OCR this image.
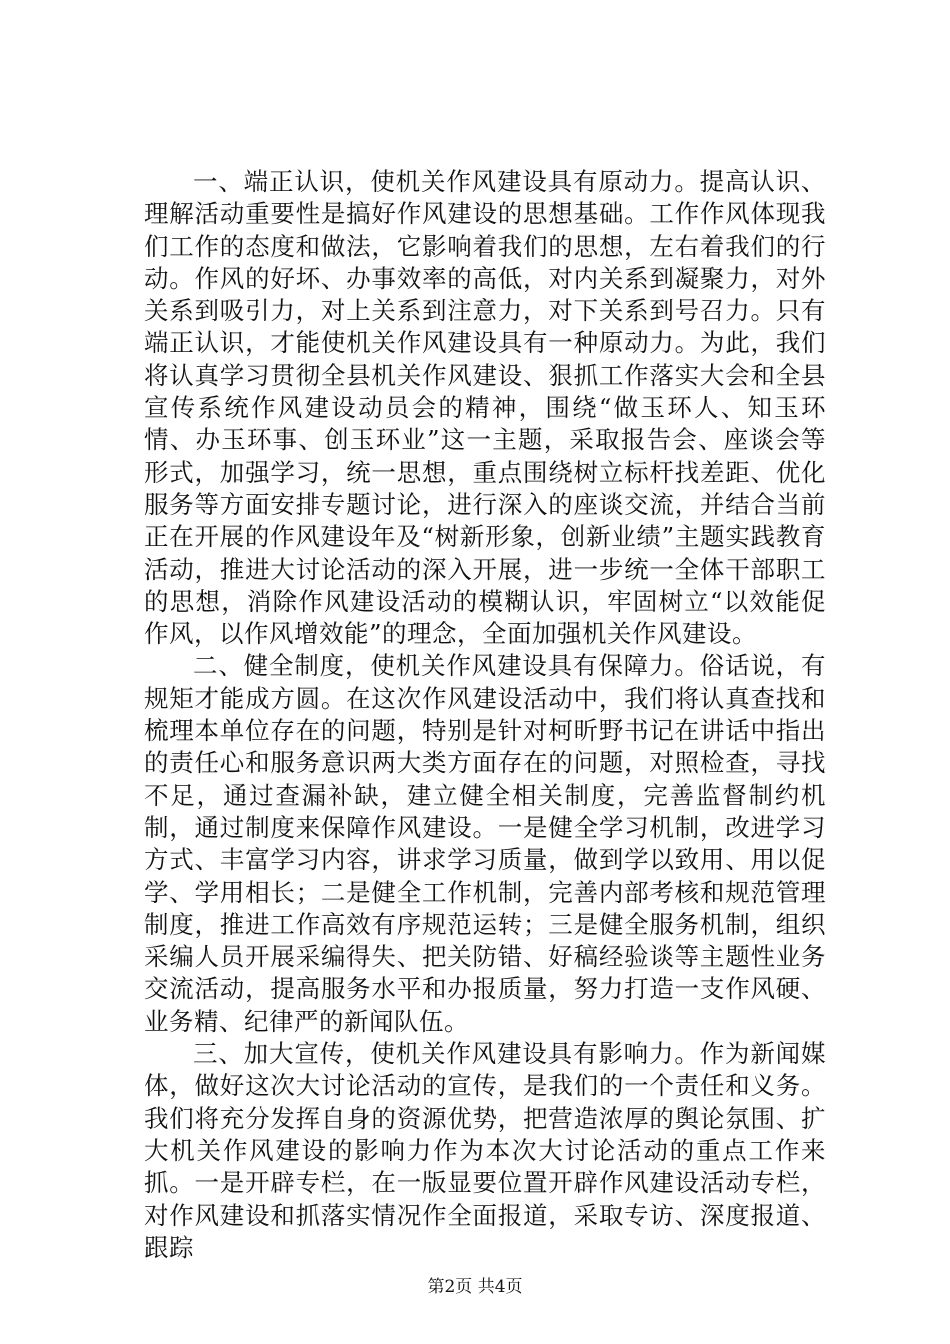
一、端正认识，使机关作风建设具有原动力。提高认识、理解活动重要性是搞好作风建设的思想基础。工作作风体现我们工作的态度和做法，它影响着我们的思想，左右着我们的行动。作风的好坏、办事效率的高低，对内关系到凝聚力，对外关系到吸引力，对上关系到注意力，对下关系到号召力。只有端正认识，才能使机关作风建设具有一种原动力。为此，我们将认真学习贯彻全县机关作风建设、狠抓工作落实大会和全县宣传系统作风建设动员会的精神，围绕“做玉环人、知玉环情、办玉环事、创玉环业”这一主题，采取报告会、座谈会等形式，加强学习，统一思想，重点围绕树立标杆找差距、优化服务等方面安排专题讨论，进行深入的座谈交流，并结合当前正在开展的作风建设年及“树新形象，创新业绩”主题实践教育活动，推进大讨论活动的深入开展，进一步统一全体干部职工的思想，消除作风建设活动的模糊认识，牢固树立“以效能促作风，以作风增效能”的理念，全面加强机关作风建设。

二、健全制度，使机关作风建设具有保障力。俗话说，有规矩才能成方圆。在这次作风建设活动中，我们将认真查找和梳理本单位存在的问题，特别是针对柯昕野书记在讲话中指出的责任心和服务意识两大类方面存在的问题，对照检查，寻找不足，通过查漏补缺，建立健全相关制度，完善监督制约机制，通过制度来保障作风建设。一是健全学习机制，改进学习方式、丰富学习内容，讲求学习质量，做到学以致用、用以促学、学用相长；二是健全工作机制，完善内部考核和规范管理制度，推进工作高效有序规范运转；三是健全服务机制，组织采编人员开展采编得失、把关防错、好稿经验谈等主题性业务交流活动，提高服务水平和办报质量，努力打造一支作风硬、业务精、纪律严的新闻队伍。

三、加大宣传，使机关作风建设具有影响力。作为新闻媒体，做好这次大讨论活动的宣传，是我们的一个责任和义务。我们将充分发挥自身的资源优势，把营造浓厚的舆论氛围、扩大机关作风建设的影响力作为本次大讨论活动的重点工作来抓。一是开辟专栏，在一版显要位置开辟作风建设活动专栏，对作风建设和抓落实情况作全面报道，采取专访、深度报道、跟踪

第2页 共4页
